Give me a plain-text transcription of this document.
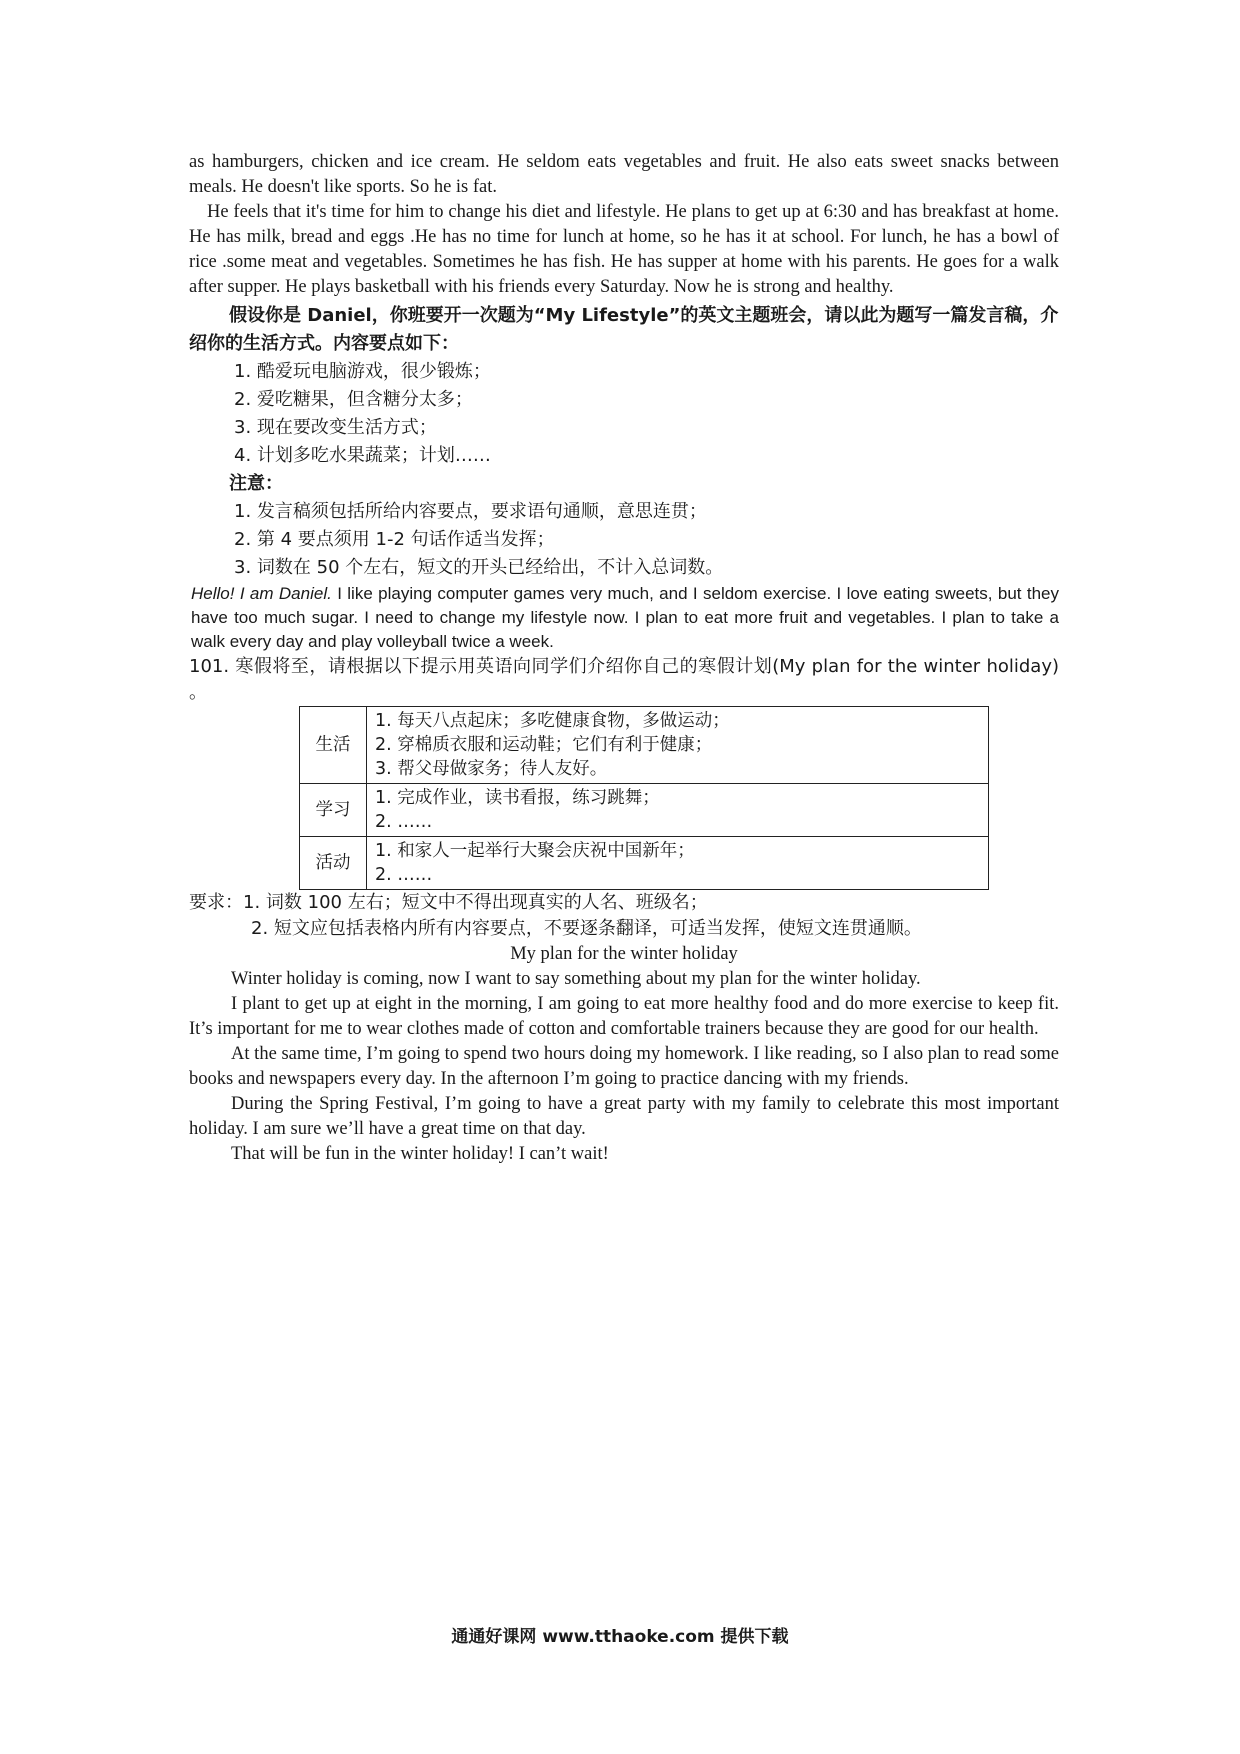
as hamburgers, chicken and ice cream. He seldom eats vegetables and fruit. He also eats sweet snacks between meals. He doesn't like sports. So he is fat.

He feels that it's time for him to change his diet and lifestyle. He plans to get up at 6:30 and has breakfast at home. He has milk, bread and eggs .He has no time for lunch at home, so he has it at school. For lunch, he has a bowl of rice .some meat and vegetables. Sometimes he has fish. He has supper at home with his parents. He goes for a walk after supper. He plays basketball with his friends every Saturday. Now he is strong and healthy.

假设你是 Daniel，你班要开一次题为“My Lifestyle”的英文主题班会，请以此为题写一篇发言稿，介绍你的生活方式。内容要点如下：

1. 酷爱玩电脑游戏，很少锻炼；

2. 爱吃糖果，但含糖分太多；

3. 现在要改变生活方式；

4. 计划多吃水果蔬菜；计划……

注意：

1. 发言稿须包括所给内容要点，要求语句通顺，意思连贯；

2. 第 4 要点须用 1-2 句话作适当发挥；

3. 词数在 50 个左右，短文的开头已经给出，不计入总词数。

Hello! I am Daniel. I like playing computer games very much, and I seldom exercise. I love eating sweets, but they have too much sugar. I need to change my lifestyle now. I plan to eat more fruit and vegetables. I plan to take a walk every day and play volleyball twice a week.

101. 寒假将至，请根据以下提示用英语向同学们介绍你自己的寒假计划(My plan for the winter holiday) 。

生活	1. 每天八点起床；多吃健康食物，多做运动；
2. 穿棉质衣服和运动鞋；它们有利于健康；
3. 帮父母做家务；待人友好。

学习	1. 完成作业，读书看报，练习跳舞；
2. ……

活动	1. 和家人一起举行大聚会庆祝中国新年；
2. ……

要求：1. 词数 100 左右；短文中不得出现真实的人名、班级名；

2. 短文应包括表格内所有内容要点，不要逐条翻译，可适当发挥，使短文连贯通顺。

My plan for the winter holiday

Winter holiday is coming, now I want to say something about my plan for the winter holiday.

I plant to get up at eight in the morning, I am going to eat more healthy food and do more exercise to keep fit. It’s important for me to wear clothes made of cotton and comfortable trainers because they are good for our health.

At the same time, I’m going to spend two hours doing my homework. I like reading, so I also plan to read some books and newspapers every day. In the afternoon I’m going to practice dancing with my friends.

During the Spring Festival, I’m going to have a great party with my family to celebrate this most important holiday. I am sure we’ll have a great time on that day.

That will be fun in the winter holiday! I can’t wait!

通通好课网 www.tthaoke.com 提供下载
